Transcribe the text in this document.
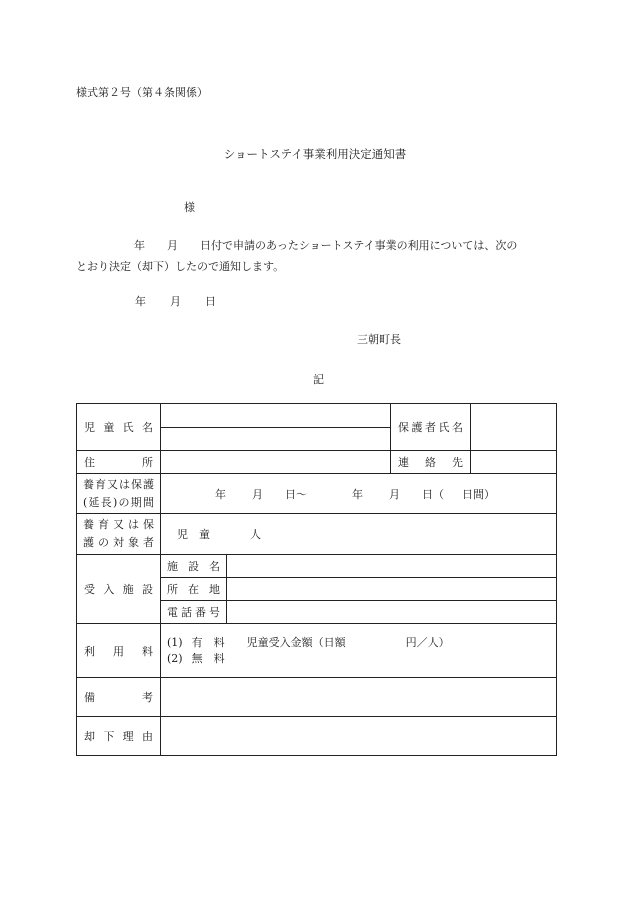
様式第２号（第４条関係）
ショートステイ事業利用決定通知書
様
年 月 日付で申請のあったショートステイ事業の利用については、次の
とおり決定（却下）したので通知します。
年 月 日
三朝町長
記
児童氏名			保護者氏名	

住所			連絡先	

養育又は保護
(延長)の期間	年 月 日～ 年 月 日（ 日間）			

養育又は保
護の対象者	児　童 人			
受入施設	施設名			
	所在地			
	電話番号			
利用料	(1) 有　料 児童受入金額（日額 円／人）
(2) 無　料			

備考				
却下理由				
